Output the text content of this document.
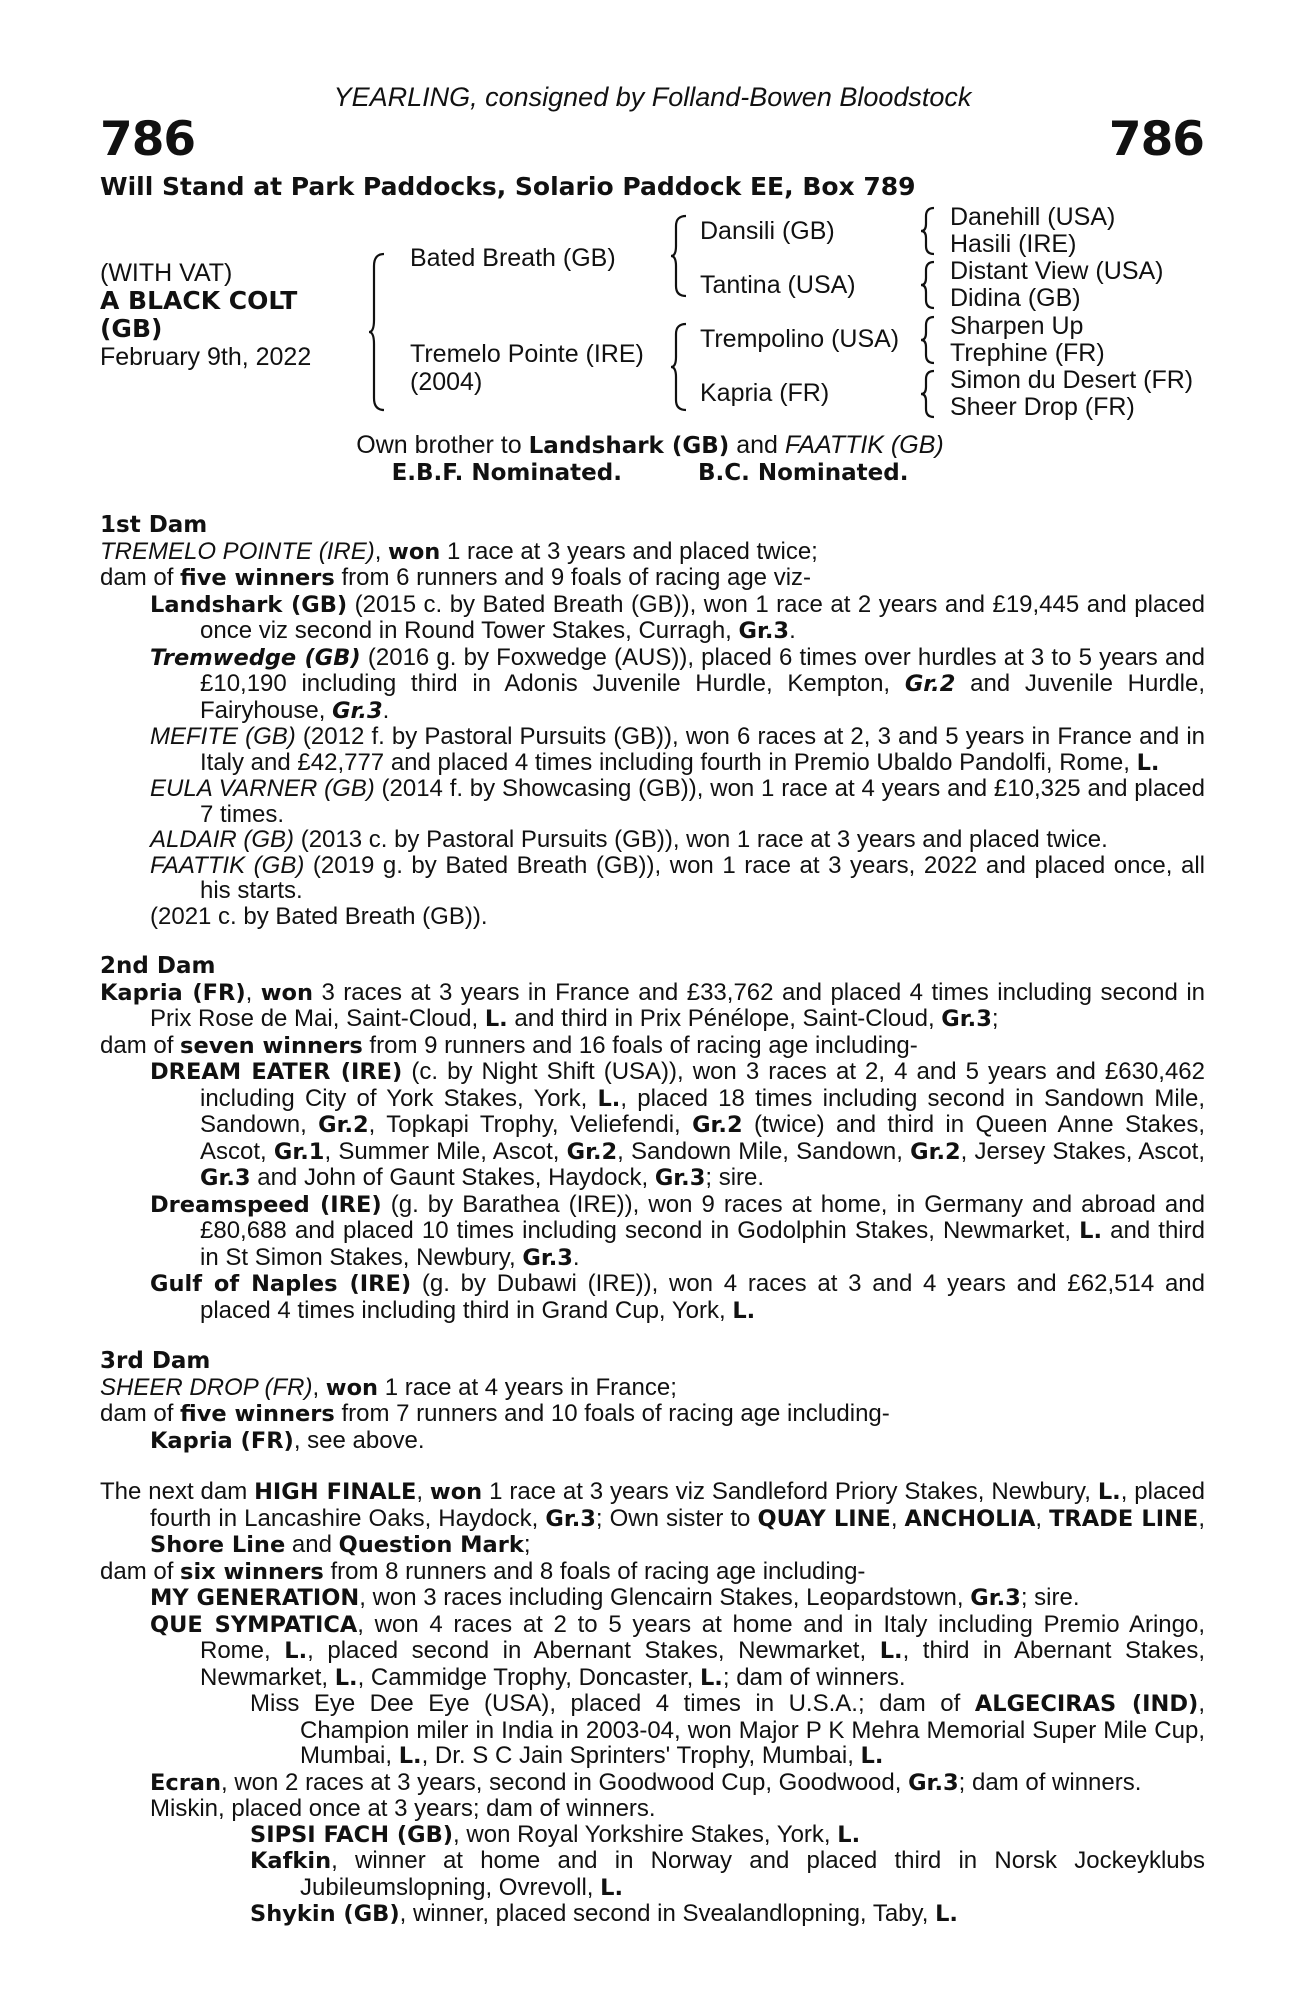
YEARLING, consigned by Folland-Bowen Bloodstock
786	786
Will Stand at Park Paddocks, Solario Paddock EE, Box 789
(WITH VAT)
A BLACK COLT
(GB)
February 9th, 2022
Bated Breath (GB)
Tremelo Pointe (IRE)
(2004)
Dansili (GB)
Tantina (USA)
Trempolino (USA)
Kapria (FR)
Danehill (USA)
Hasili (IRE)
Distant View (USA)
Didina (GB)
Sharpen Up
Trephine (FR)
Simon du Desert (FR)
Sheer Drop (FR)
Own brother to Landshark (GB) and FAATTIK (GB)
E.B.F. Nominated.	B.C. Nominated.
1st Dam
TREMELO POINTE (IRE), won 1 race at 3 years and placed twice;
dam of five winners from 6 runners and 9 foals of racing age viz-
Landshark (GB) (2015 c. by Bated Breath (GB)), won 1 race at 2 years and £19,445 and placed once viz second in Round Tower Stakes, Curragh, Gr.3.
Tremwedge (GB) (2016 g. by Foxwedge (AUS)), placed 6 times over hurdles at 3 to 5 years and £10,190 including third in Adonis Juvenile Hurdle, Kempton, Gr.2 and Juvenile Hurdle, Fairyhouse, Gr.3.
MEFITE (GB) (2012 f. by Pastoral Pursuits (GB)), won 6 races at 2, 3 and 5 years in France and in Italy and £42,777 and placed 4 times including fourth in Premio Ubaldo Pandolfi, Rome, L.
EULA VARNER (GB) (2014 f. by Showcasing (GB)), won 1 race at 4 years and £10,325 and placed 7 times.
ALDAIR (GB) (2013 c. by Pastoral Pursuits (GB)), won 1 race at 3 years and placed twice.
FAATTIK (GB) (2019 g. by Bated Breath (GB)), won 1 race at 3 years, 2022 and placed once, all his starts.
(2021 c. by Bated Breath (GB)).
2nd Dam
Kapria (FR), won 3 races at 3 years in France and £33,762 and placed 4 times including second in Prix Rose de Mai, Saint-Cloud, L. and third in Prix Pénélope, Saint-Cloud, Gr.3;
dam of seven winners from 9 runners and 16 foals of racing age including-
DREAM EATER (IRE) (c. by Night Shift (USA)), won 3 races at 2, 4 and 5 years and £630,462 including City of York Stakes, York, L., placed 18 times including second in Sandown Mile, Sandown, Gr.2, Topkapi Trophy, Veliefendi, Gr.2 (twice) and third in Queen Anne Stakes, Ascot, Gr.1, Summer Mile, Ascot, Gr.2, Sandown Mile, Sandown, Gr.2, Jersey Stakes, Ascot, Gr.3 and John of Gaunt Stakes, Haydock, Gr.3; sire.
Dreamspeed (IRE) (g. by Barathea (IRE)), won 9 races at home, in Germany and abroad and £80,688 and placed 10 times including second in Godolphin Stakes, Newmarket, L. and third in St Simon Stakes, Newbury, Gr.3.
Gulf of Naples (IRE) (g. by Dubawi (IRE)), won 4 races at 3 and 4 years and £62,514 and placed 4 times including third in Grand Cup, York, L.
3rd Dam
SHEER DROP (FR), won 1 race at 4 years in France;
dam of five winners from 7 runners and 10 foals of racing age including-
Kapria (FR), see above.
The next dam HIGH FINALE, won 1 race at 3 years viz Sandleford Priory Stakes, Newbury, L., placed fourth in Lancashire Oaks, Haydock, Gr.3; Own sister to QUAY LINE, ANCHOLIA, TRADE LINE, Shore Line and Question Mark;
dam of six winners from 8 runners and 8 foals of racing age including-
MY GENERATION, won 3 races including Glencairn Stakes, Leopardstown, Gr.3; sire.
QUE SYMPATICA, won 4 races at 2 to 5 years at home and in Italy including Premio Aringo, Rome, L., placed second in Abernant Stakes, Newmarket, L., third in Abernant Stakes, Newmarket, L., Cammidge Trophy, Doncaster, L.; dam of winners.
Miss Eye Dee Eye (USA), placed 4 times in U.S.A.; dam of ALGECIRAS (IND), Champion miler in India in 2003-04, won Major P K Mehra Memorial Super Mile Cup, Mumbai, L., Dr. S C Jain Sprinters' Trophy, Mumbai, L.
Ecran, won 2 races at 3 years, second in Goodwood Cup, Goodwood, Gr.3; dam of winners.
Miskin, placed once at 3 years; dam of winners.
SIPSI FACH (GB), won Royal Yorkshire Stakes, York, L.
Kafkin, winner at home and in Norway and placed third in Norsk Jockeyklubs Jubileumslopning, Ovrevoll, L.
Shykin (GB), winner, placed second in Svealandlopning, Taby, L.
